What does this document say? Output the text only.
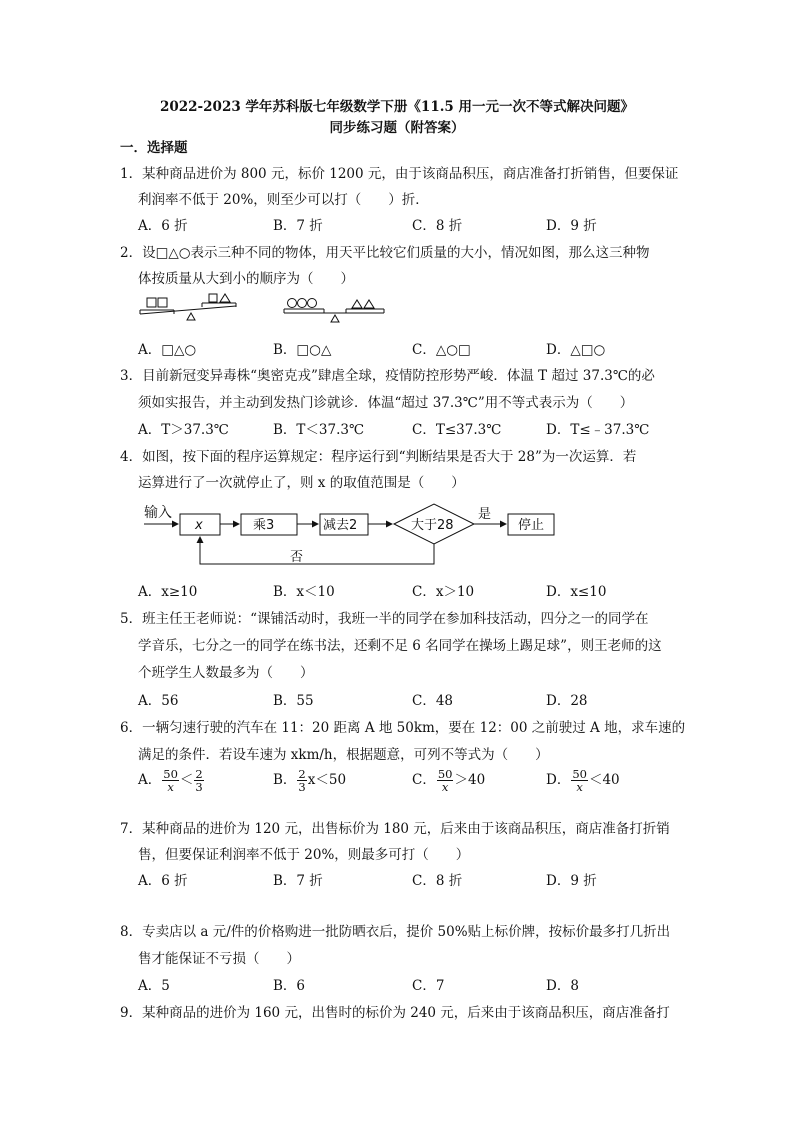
2022-2023 学年苏科版七年级数学下册《11.5 用一元一次不等式解决问题》
同步练习题（附答案）
一．选择题
1．某种商品进价为 800 元，标价 1200 元，由于该商品积压，商店准备打折销售，但要保证
利润率不低于 20%，则至少可以打（　　）折．
A．6 折	B．7 折	C．8 折	D．9 折
2．设□△○表示三种不同的物体，用天平比较它们质量的大小，情况如图，那么这三种物
体按质量从大到小的顺序为（　　）
A．□△○	B．□○△	C．△○□	D．△□○
3．目前新冠变异毒株“奥密克戎”肆虐全球，疫情防控形势严峻．体温 T 超过 37.3℃的必
须如实报告，并主动到发热门诊就诊．体温“超过 37.3℃”用不等式表示为（　　）
A．T＞37.3℃	B．T＜37.3℃	C．T≤37.3℃	D．T≤﹣37.3℃
4．如图，按下面的程序运算规定：程序运行到“判断结果是否大于 28”为一次运算．若
运算进行了一次就停止了，则 x 的取值范围是（　　）
输入
x	乘3	减去2	大于28
是
停止
否
A．x≥10	B．x＜10	C．x＞10	D．x≤10
5．班主任王老师说：“课铺活动时，我班一半的同学在参加科技活动，四分之一的同学在
学音乐，七分之一的同学在练书法，还剩不足 6 名同学在操场上踢足球”，则王老师的这
个班学生人数最多为（　　）
A．56	B．55	C．48	D．28
6．一辆匀速行驶的汽车在 11：20 距离 A 地 50km，要在 12：00 之前驶过 A 地，求车速的
满足的条件．若设车速为 xkm/h，根据题意，可列不等式为（　　）
A． $\frac{50}{x} < \frac{2}{3}$	B． $\frac{2}{3} x<50$	C． $\frac{50}{x} >40$	D． $\frac{50}{x} <40$
7．某种商品的进价为 120 元，出售标价为 180 元，后来由于该商品积压，商店准备打折销
售，但要保证利润率不低于 20%，则最多可打（　　）
A．6 折	B．7 折	C．8 折	D．9 折
8．专卖店以 a 元/件的价格购进一批防晒衣后，提价 50%贴上标价牌，按标价最多打几折出
售才能保证不亏损（　　）
A．5	B．6	C．7	D．8
9．某种商品的进价为 160 元，出售时的标价为 240 元，后来由于该商品积压，商店准备打
